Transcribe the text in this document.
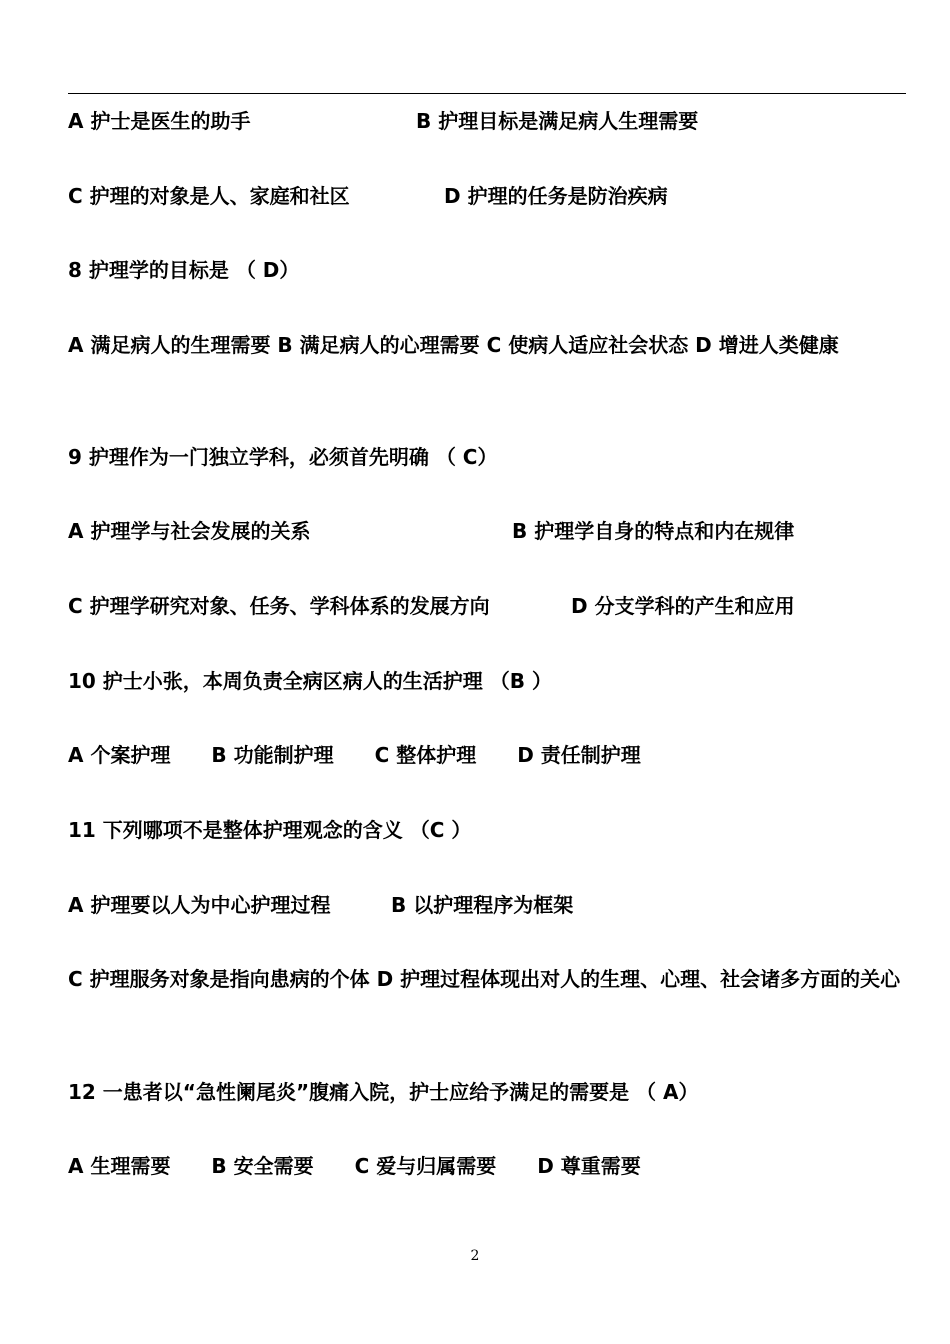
A 护士是医生的助手	B 护理目标是满足病人生理需要
C 护理的对象是人、家庭和社区	D 护理的任务是防治疾病
8 护理学的目标是 （ D）
A 满足病人的生理需要 B 满足病人的心理需要 C 使病人适应社会状态 D 增进人类健康
9 护理作为一门独立学科，必须首先明确 （ C）
A 护理学与社会发展的关系	B 护理学自身的特点和内在规律
C 护理学研究对象、任务、学科体系的发展方向	D 分支学科的产生和应用
10 护士小张，本周负责全病区病人的生活护理 （B ）
A 个案护理 B 功能制护理 C 整体护理 D 责任制护理
11 下列哪项不是整体护理观念的含义 （C ）
A 护理要以人为中心护理过程	B 以护理程序为框架
C 护理服务对象是指向患病的个体 D 护理过程体现出对人的生理、心理、社会诸多方面的关心
12 一患者以“急性阑尾炎”腹痛入院，护士应给予满足的需要是 （ A）
A 生理需要 B 安全需要 C 爱与归属需要 D 尊重需要
2
